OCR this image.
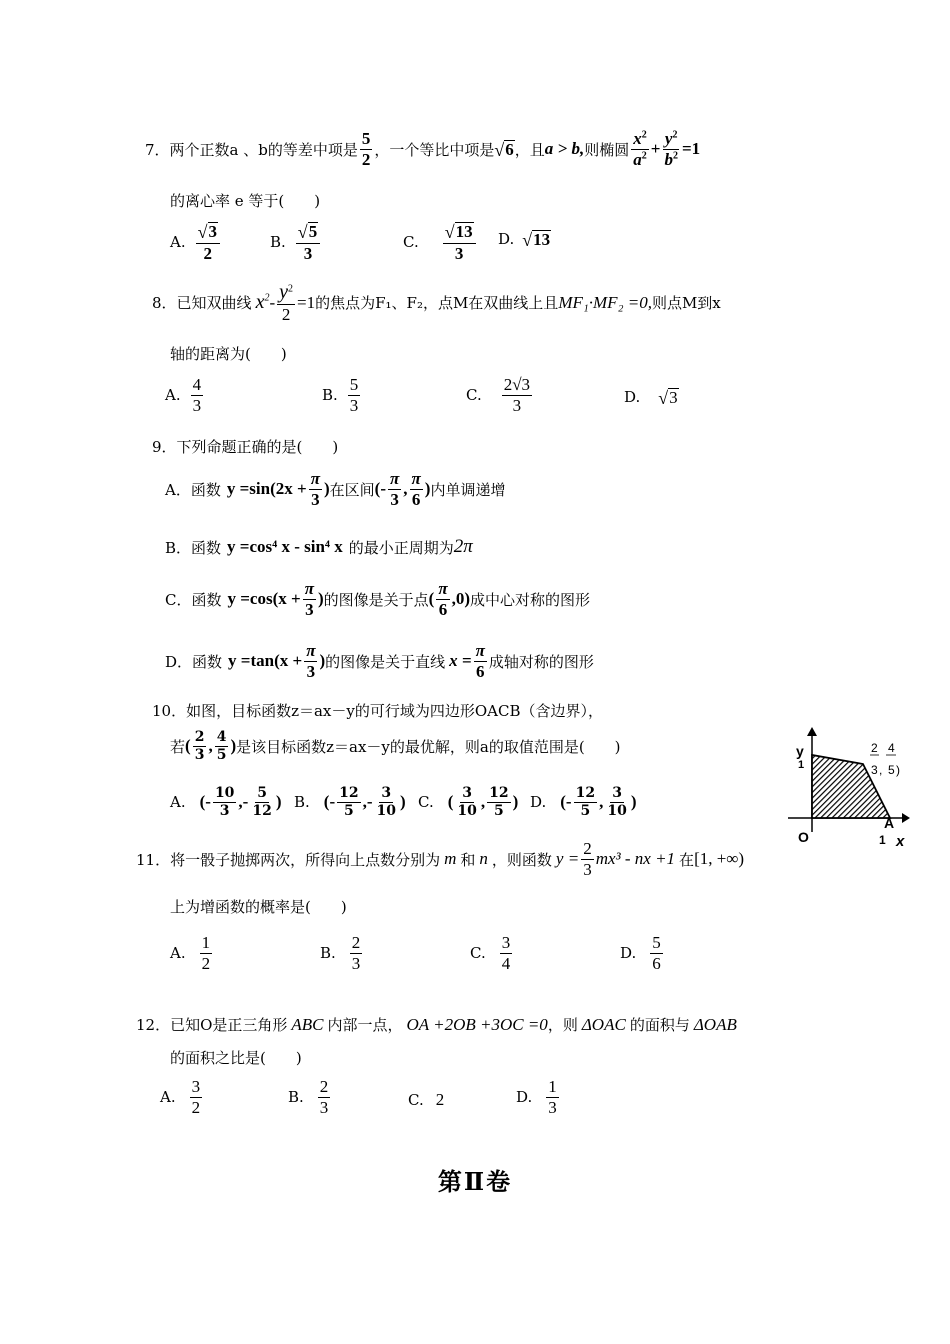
7． 两个正数a 、b的等差中项是 $\frac{5}{2}$ ，一个等比中项是 √ 6 ，且 a > b, 则椭圆 $\frac{x^2}{a^2} + \frac{y^2}{b^2} =1$
的离心率 e 等于(　　)
A. $\frac{√ 3}{2}$	B. $\frac{√ 5}{3}$	C. $\frac{√ 13}{3} D$. √ 13
8． 已知双曲线 $x^2 - \frac{y^2}{2} =1$ 的焦点为F₁、F₂，点M在双曲线上且 MF₁·MF₂ =0, 则点M到x
轴的距离为(　　)
A. $\frac{4}{3}$	B. $\frac{5}{3}$	C. $\frac{2√3}{3}$	D. √ 3
9．下列命题正确的是(　　)
A．函数 $y =\sin(2x + \frac{\pi}{3}$ ) 在区间 (- $\frac{\pi}{3}$ , $\frac{\pi}{6}$ ) 内单调递增
B．函数 y =cos⁴ x - sin⁴ x 的最小正周期为 2π
C．函数 $y =\cos(x + \frac{\pi}{3}$ ) 的图像是关于点 ( $\frac{\pi}{6} ,0$) 成中心对称的图形
D．函数 $y =\tan(x + \frac{\pi}{3}$ ) 的图像是关于直线 $x = \frac{\pi}{6}$ 成轴对称的图形
10．如图，目标函数z＝ax－y的可行域为四边形OACB（含边界），
若 ( $\frac{2}{3}$ , $\frac{4}{5}$ ) 是该目标函数z＝ax－y的最优解，则a的取值范围是(　　)
A. (- $\frac{10}{3}$ ,- $\frac{5}{12}$ ) B. (- $\frac{12}{5}$ ,- $\frac{3}{10}$ ) C. ( $\frac{3}{10}$ , $\frac{12}{5}$ ) D. (- $\frac{12}{5}$ , $\frac{3}{10}$ )
y
1
O
A
1 x
2
3 ,
4
5 )
11．将一骰子抛掷两次，所得向上点数分别为 m 和 n ，则函数 $y = \frac{2}{3} mx^3$ - nx +1 在 [1, +∞)
上为增函数的概率是(　　)
A. $\frac{1}{2}$	B. $\frac{2}{3}$	C. $\frac{3}{4}$	D. $\frac{5}{6}$
12．已知O是正三角形 ABC 内部一点， OA +2OB +3OC =0 ，则 ΔOAC 的面积与 ΔOAB
的面积之比是(　　)
A. $\frac{3}{2}$	B. $\frac{2}{3}$	C. 2	D. $\frac{1}{3}$
第Ⅱ卷
